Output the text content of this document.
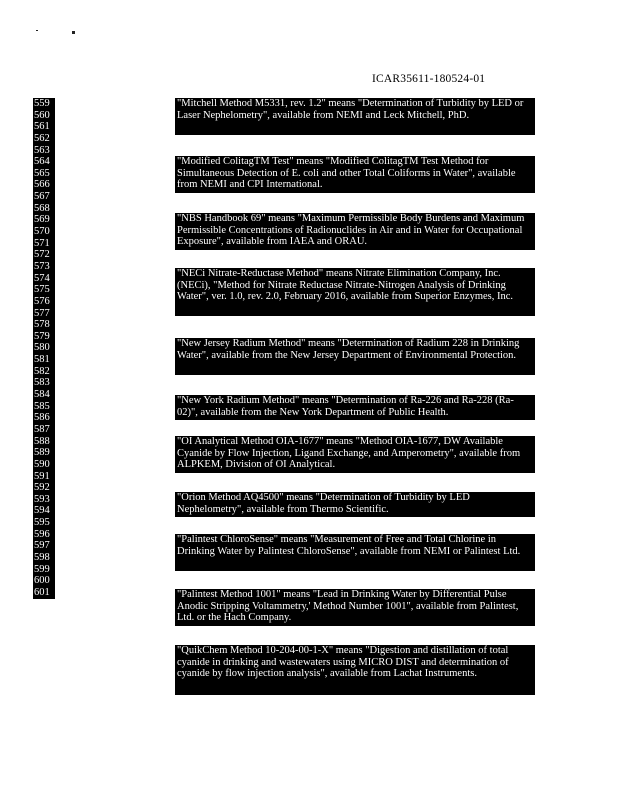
ICAR35611-180524-01
559
560
561
562
563
564
565
566
567
568
569
570
571
572
573
574
575
576
577
578
579
580
581
582
583
584
585
586
587
588
589
590
591
592
593
594
595
596
597
598
599
600
601
"Mitchell Method M5331, rev. 1.2" means "Determination of Turbidity by LED or Laser Nephelometry", available from NEMI and Leck Mitchell, PhD.
"Modified ColitagTM Test" means "Modified ColitagTM Test Method for Simultaneous Detection of E. coli and other Total Coliforms in Water", available from NEMI and CPI International.
"NBS Handbook 69" means "Maximum Permissible Body Burdens and Maximum Permissible Concentrations of Radionuclides in Air and in Water for Occupational Exposure", available from IAEA and ORAU.
"NECi Nitrate-Reductase Method" means Nitrate Elimination Company, Inc. (NECi), "Method for Nitrate Reductase Nitrate-Nitrogen Analysis of Drinking Water", ver. 1.0, rev. 2.0, February 2016, available from Superior Enzymes, Inc.
"New Jersey Radium Method" means "Determination of Radium 228 in Drinking Water", available from the New Jersey Department of Environmental Protection.
"New York Radium Method" means "Determination of Ra-226 and Ra-228 (Ra-02)", available from the New York Department of Public Health.
"OI Analytical Method OIA-1677" means "Method OIA-1677, DW Available Cyanide by Flow Injection, Ligand Exchange, and Amperometry", available from ALPKEM, Division of OI Analytical.
"Orion Method AQ4500" means "Determination of Turbidity by LED Nephelometry", available from Thermo Scientific.
"Palintest ChloroSense" means "Measurement of Free and Total Chlorine in Drinking Water by Palintest ChloroSense", available from NEMI or Palintest Ltd.
"Palintest Method 1001" means "Lead in Drinking Water by Differential Pulse Anodic Stripping Voltammetry,' Method Number 1001", available from Palintest, Ltd. or the Hach Company.
"QuikChem Method 10-204-00-1-X" means "Digestion and distillation of total cyanide in drinking and wastewaters using MICRO DIST and determination of cyanide by flow injection analysis", available from Lachat Instruments.
